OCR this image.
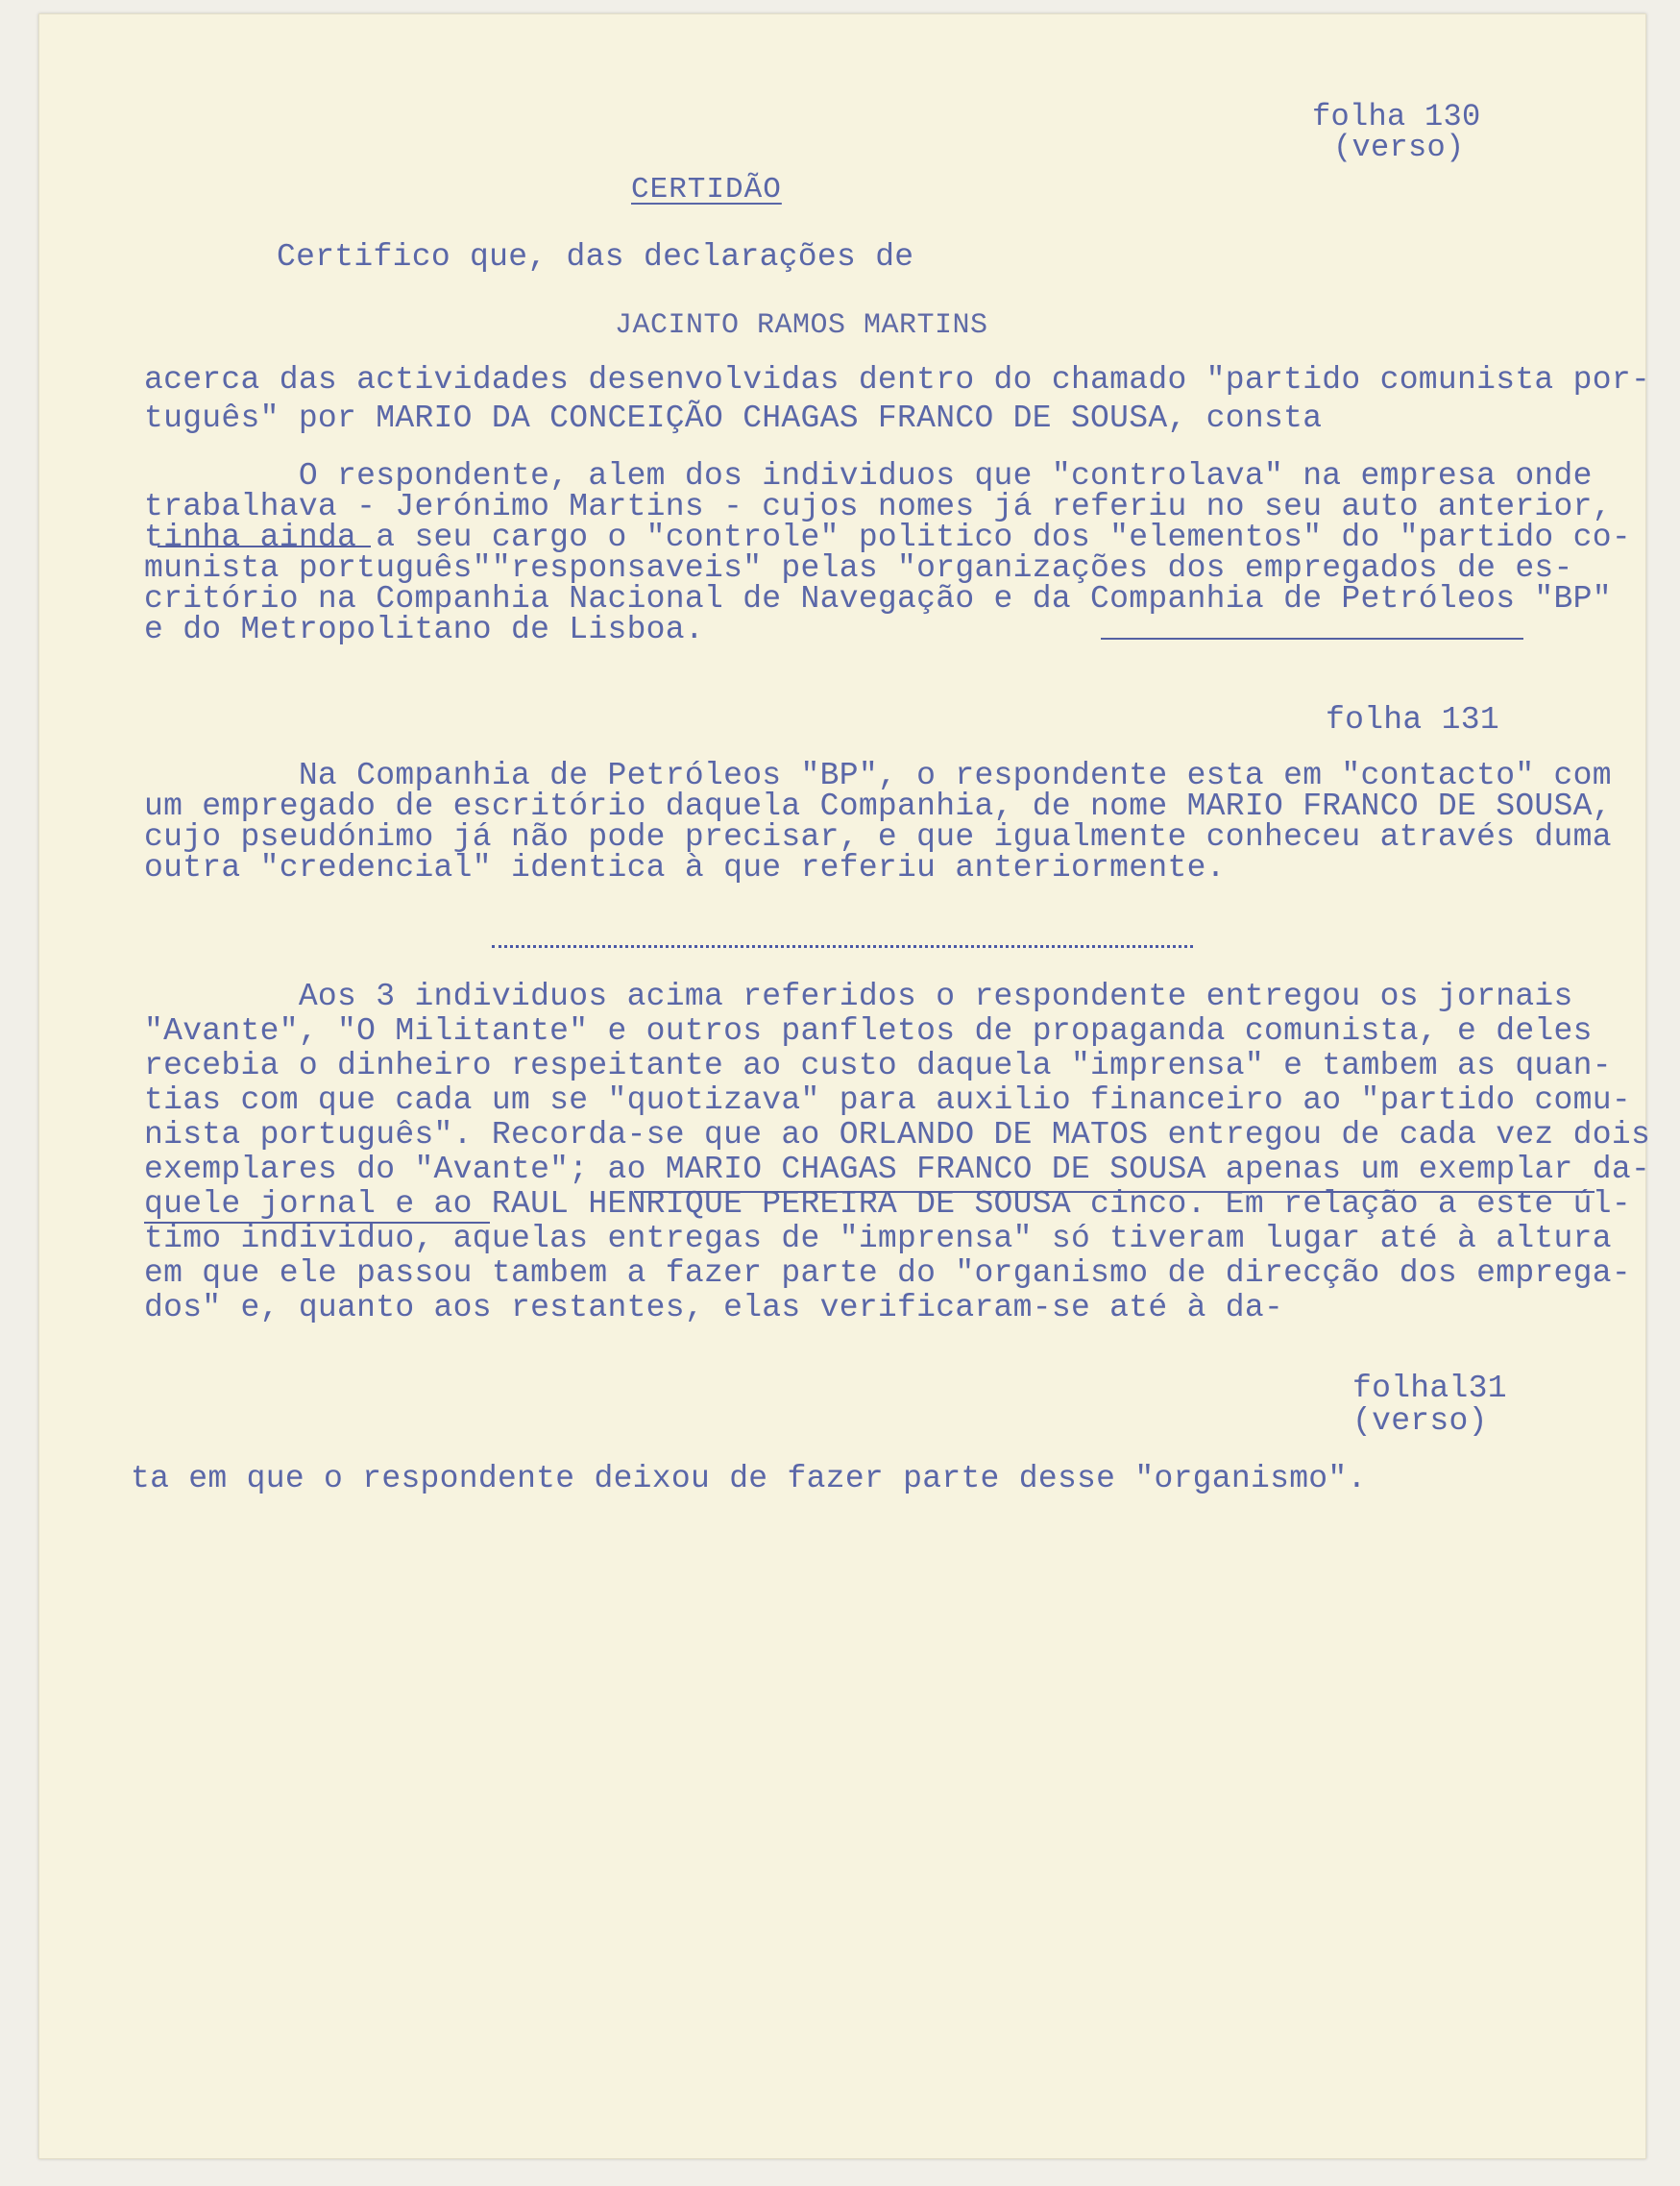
folha 130
(verso)
CERTIDÃO
Certifico que, das declarações de
JACINTO RAMOS MARTINS
acerca das actividades desenvolvidas dentro do chamado "partido comunista por-
tuguês" por MARIO DA CONCEIÇÃO CHAGAS FRANCO DE SOUSA, consta
O respondente, alem dos individuos que "controlava" na empresa onde
trabalhava - Jerónimo Martins - cujos nomes já referiu no seu auto anterior,
tinha ainda a seu cargo o "controle" politico dos "elementos" do "partido co-
munista português""responsaveis" pelas "organizações dos empregados de es-
critório na Companhia Nacional de Navegação e da Companhia de Petróleos "BP"
e do Metropolitano de Lisboa.
folha 131
Na Companhia de Petróleos "BP", o respondente esta em "contacto" com
um empregado de escritório daquela Companhia, de nome MARIO FRANCO DE SOUSA,
cujo pseudónimo já não pode precisar, e que igualmente conheceu através duma
outra "credencial" identica à que referiu anteriormente.
Aos 3 individuos acima referidos o respondente entregou os jornais
"Avante", "O Militante" e outros panfletos de propaganda comunista, e deles
recebia o dinheiro respeitante ao custo daquela "imprensa" e tambem as quan-
tias com que cada um se "quotizava" para auxilio financeiro ao "partido comu-
nista português". Recorda-se que ao ORLANDO DE MATOS entregou de cada vez dois
exemplares do "Avante"; ao MARIO CHAGAS FRANCO DE SOUSA apenas um exemplar da-
quele jornal e ao RAUL HENRIQUE PEREIRA DE SOUSA cinco. Em relação a este úl-
timo individuo, aquelas entregas de "imprensa" só tiveram lugar até à altura
em que ele passou tambem a fazer parte do "organismo de direcção dos emprega-
dos" e, quanto aos restantes, elas verificaram-se até à da-
folhal31
(verso)
ta em que o respondente deixou de fazer parte desse "organismo".
